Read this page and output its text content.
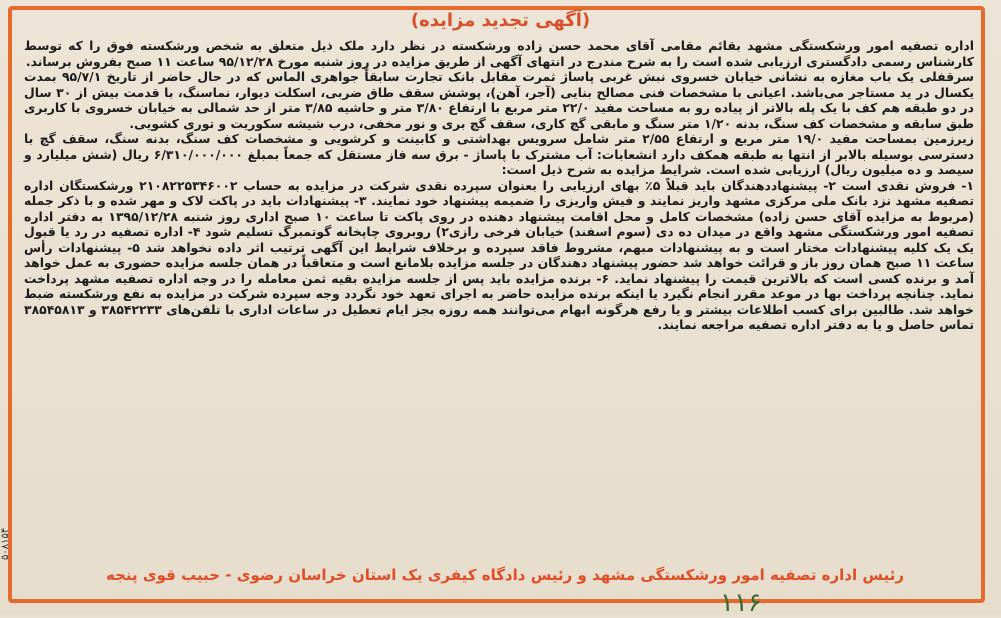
(آگهی تجدید مزایده)

اداره تصفیه امور ورشکستگی مشهد بقائم مقامی آقای محمد حسن زاده ورشکسته در نظر دارد ملک ذیل متعلق به شخص ورشکسته فوق را که توسط کارشناس رسمی دادگستری ارزیابی شده است را به شرح مندرج در انتهای آگهی از طریق مزایده در روز شنبه مورخ ۹۵/۱۲/۲۸ ساعت ۱۱ صبح بفروش برساند.

سرقفلی یک باب مغازه به نشانی خیابان خسروی نبش غربی پاساژ ثمرت مقابل بانک تجارت سابقاً جواهری الماس که در حال حاضر از تاریخ ۹۵/۷/۱ بمدت یکسال در ید مستاجر می‌باشد. اعیانی با مشخصات فنی مصالح بنایی (آجر، آهن)، پوشش سقف طاق ضربی، اسکلت دیوار، نماسنگ، با قدمت بیش از ۳۰ سال در دو طبقه هم کف با یک پله بالاتر از پیاده رو به مساحت مفید ۲۲/۰ متر مربع با ارتفاع ۳/۸۰ متر و حاشیه ۳/۸۵ متر از حد شمالی به خیابان خسروی با کاربری طبق سابقه و مشخصات کف سنگ، بدنه ۱/۲۰ متر سنگ و مابقی گچ کاری، سقف گچ بری و نور مخفی، درب شیشه سکوریت و توری کشویی.

زیرزمین بمساحت مفید ۱۹/۰ متر مربع و ارتفاع ۲/۵۵ متر شامل سرویس بهداشتی و کابینت و کرشویی و مشخصات کف سنگ، بدنه سنگ، سقف گچ با دسترسی بوسیله بالابر از انتها به طبقه همکف دارد انشعابات: آب مشترک با پاساژ - برق سه فاز مستقل که جمعاً بمبلغ ۶/۳۱۰/۰۰۰/۰۰۰ ریال (شش میلیارد و سیصد و ده میلیون ریال) ارزیابی شده است. شرایط مزایده به شرح ذیل است:

۱- فروش نقدی است ۲- پیشنهاددهندگان باید قبلاً ۵٪ بهای ارزیابی را بعنوان سپرده نقدی شرکت در مزایده به حساب ۲۱۰۸۲۲۵۳۴۶۰۰۲ ورشکستگان اداره تصفیه مشهد نزد بانک ملی مرکزی مشهد واریز نمایند و فیش واریزی را ضمیمه پیشنهاد خود نمایند. ۳- پیشنهادات باید در پاکت لاک و مهر شده و با ذکر جمله (مربوط به مزایده آقای حسن زاده) مشخصات کامل و محل اقامت پیشنهاد دهنده در روی پاکت تا ساعت ۱۰ صبح اداری روز شنبه ۱۳۹۵/۱۲/۲۸ به دفتر اداره تصفیه امور ورشکستگی مشهد واقع در میدان ده دی (سوم اسفند) خیابان فرخی رازی۲) روبروی چاپخانه گوتمبرگ تسلیم شود ۴- اداره تصفیه در رد یا قبول یک یک کلیه پیشنهادات مختار است و به پیشنهادات مبهم، مشروط فاقد سپرده و برخلاف شرایط این آگهی ترتیب اثر داده نخواهد شد ۵- پیشنهادات رأس ساعت ۱۱ صبح همان روز باز و قرائت خواهد شد حضور پیشنهاد دهندگان در جلسه مزایده بلامانع است و متعاقباً در همان جلسه مزایده حضوری به عمل خواهد آمد و برنده کسی است که بالاترین قیمت را پیشنهاد نماید. ۶- برنده مزایده باید پس از جلسه مزایده بقیه ثمن معامله را در وجه اداره تصفیه مشهد پرداخت نماید. چنانچه پرداخت بها در موعد مقرر انجام نگیرد یا اینکه برنده مزایده حاضر به اجرای تعهد خود نگردد وجه سپرده شرکت در مزایده به نفع ورشکسته ضبط خواهد شد. طالبین برای کسب اطلاعات بیشتر و یا رفع هرگونه ابهام می‌توانند همه روزه بجز ایام تعطیل در ساعات اداری با تلفن‌های ۳۸۵۴۲۲۳۳ و ۳۸۵۴۵۸۱۳ تماس حاصل و یا به دفتر اداره تصفیه مراجعه نمایند.

رئیس اداره تصفیه امور ورشکستگی مشهد و رئیس دادگاه کیفری یک استان خراسان رضوی - حبیب قوی پنجه
۵۰۸۱۵۴
۱۱۶
